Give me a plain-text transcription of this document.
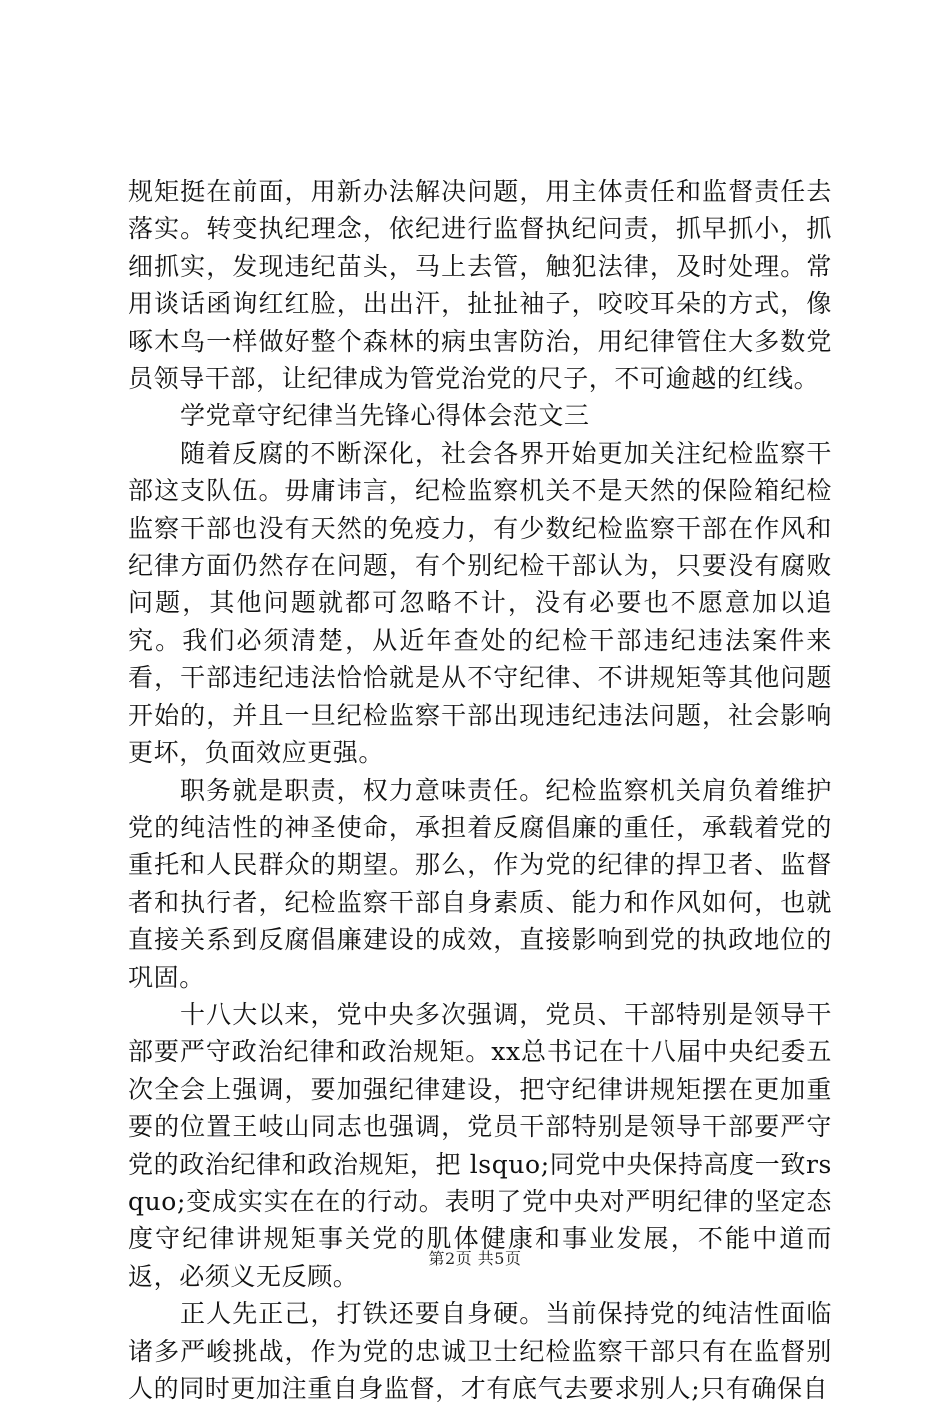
规矩挺在前面，用新办法解决问题，用主体责任和监督责任去落实。转变执纪理念，依纪进行监督执纪问责，抓早抓小，抓细抓实，发现违纪苗头，马上去管，触犯法律，及时处理。常用谈话函询红红脸，出出汗，扯扯袖子，咬咬耳朵的方式，像啄木鸟一样做好整个森林的病虫害防治，用纪律管住大多数党员领导干部，让纪律成为管党治党的尺子，不可逾越的红线。

学党章守纪律当先锋心得体会范文三

随着反腐的不断深化，社会各界开始更加关注纪检监察干部这支队伍。毋庸讳言，纪检监察机关不是天然的保险箱纪检监察干部也没有天然的免疫力，有少数纪检监察干部在作风和纪律方面仍然存在问题，有个别纪检干部认为，只要没有腐败问题，其他问题就都可忽略不计，没有必要也不愿意加以追究。我们必须清楚，从近年查处的纪检干部违纪违法案件来看，干部违纪违法恰恰就是从不守纪律、不讲规矩等其他问题开始的，并且一旦纪检监察干部出现违纪违法问题，社会影响更坏，负面效应更强。

职务就是职责，权力意味责任。纪检监察机关肩负着维护党的纯洁性的神圣使命，承担着反腐倡廉的重任，承载着党的重托和人民群众的期望。那么，作为党的纪律的捍卫者、监督者和执行者，纪检监察干部自身素质、能力和作风如何，也就直接关系到反腐倡廉建设的成效，直接影响到党的执政地位的巩固。

十八大以来，党中央多次强调，党员、干部特别是领导干部要严守政治纪律和政治规矩。xx总书记在十八届中央纪委五次全会上强调，要加强纪律建设，把守纪律讲规矩摆在更加重要的位置王岐山同志也强调，党员干部特别是领导干部要严守党的政治纪律和政治规矩，把 lsquo;同党中央保持高度一致rsquo;变成实实在在的行动。表明了党中央对严明纪律的坚定态度守纪律讲规矩事关党的肌体健康和事业发展，不能中道而返，必须义无反顾。

正人先正己，打铁还要自身硬。当前保持党的纯洁性面临诸多严峻挑战，作为党的忠诚卫士纪检监察干部只有在监督别人的同时更加注重自身监督，才有底气去要求别人;只有确保自

第2页 共5页
